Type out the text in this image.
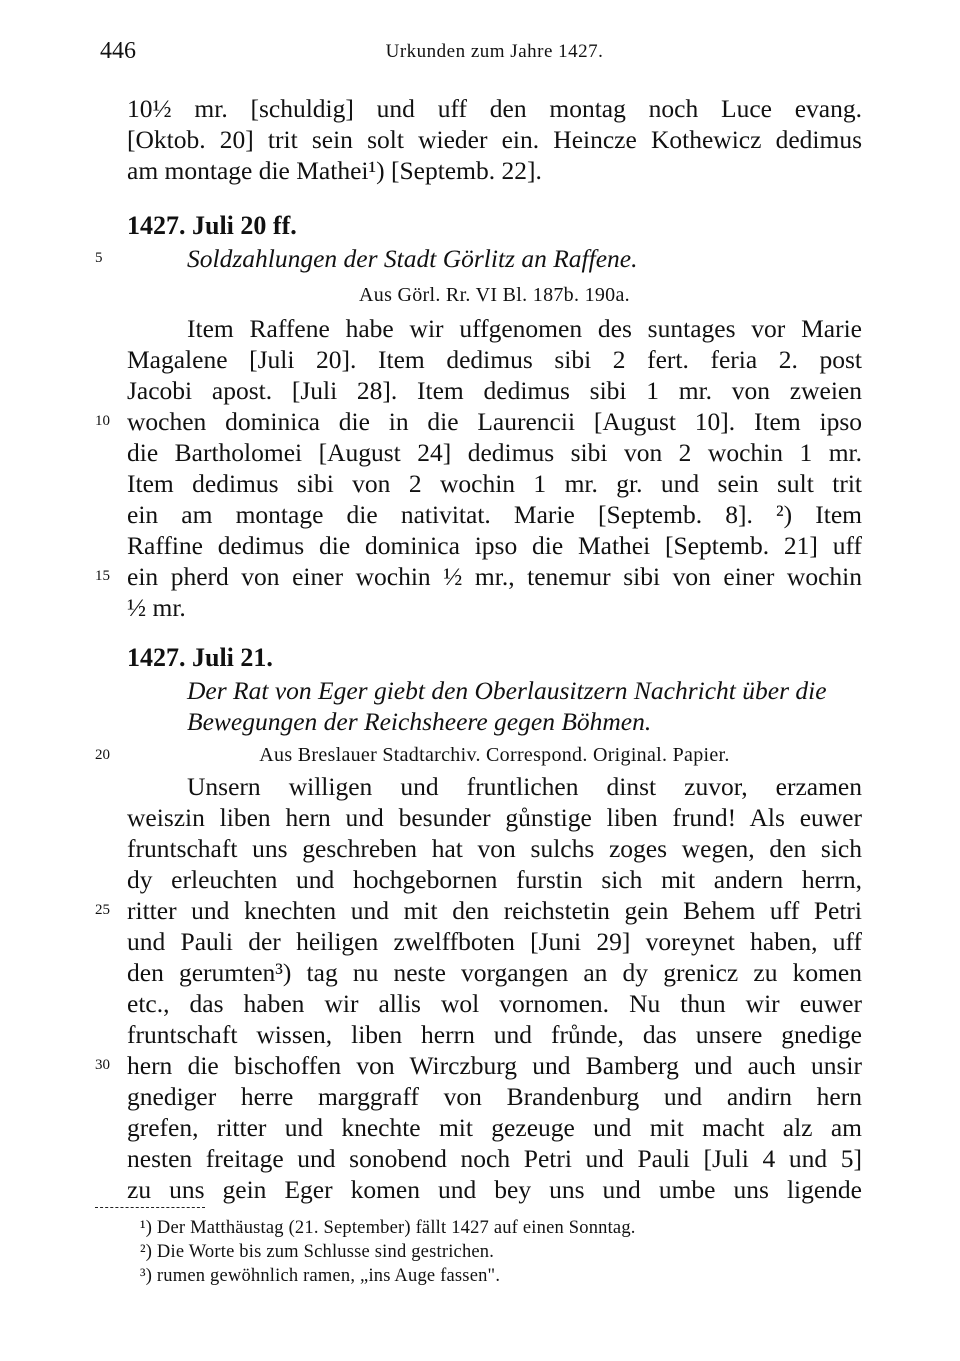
446	Urkunden zum Jahre 1427.
10½ mr. [schuldig] und uff den montag noch Luce evang.
[Oktob. 20] trit sein solt wieder ein. Heincze Kothewicz dedimus
am montage die Mathei¹) [Septemb. 22].
1427. Juli 20 ff.
5	Soldzahlungen der Stadt Görlitz an Raffene.
Aus Görl. Rr. VI Bl. 187b. 190a.
Item Raffene habe wir uffgenomen des suntages vor Marie
Magalene [Juli 20]. Item dedimus sibi 2 fert. feria 2. post
Jacobi apost. [Juli 28]. Item dedimus sibi 1 mr. von zweien
10 wochen dominica die in die Laurencii [August 10]. Item ipso
die Bartholomei [August 24] dedimus sibi von 2 wochin 1 mr.
Item dedimus sibi von 2 wochin 1 mr. gr. und sein sult trit
ein am montage die nativitat. Marie [Septemb. 8]. ²) Item
Raffine dedimus die dominica ipso die Mathei [Septemb. 21] uff
15 ein pherd von einer wochin ½ mr., tenemur sibi von einer wochin
½ mr.
1427. Juli 21.
Der Rat von Eger giebt den Oberlausitzern Nachricht über die
Bewegungen der Reichsheere gegen Böhmen.
20	Aus Breslauer Stadtarchiv. Correspond. Original. Papier.
Unsern willigen und fruntlichen dinst zuvor, erzamen
weiszin liben hern und besunder gůnstige liben frund! Als euwer
fruntschaft uns geschreben hat von sulchs zoges wegen, den sich
dy erleuchten und hochgebornen furstin sich mit andern herrn,
25 ritter und knechten und mit den reichstetin gein Behem uff Petri
und Pauli der heiligen zwelffboten [Juni 29] voreynet haben, uff
den gerumten³) tag nu neste vorgangen an dy grenicz zu komen
etc., das haben wir allis wol vornomen. Nu thun wir euwer
fruntschaft wissen, liben herrn und frůnde, das unsere gnedige
30 hern die bischoffen von Wirczburg und Bamberg und auch unsir
gnediger herre marggraff von Brandenburg und andirn hern
grefen, ritter und knechte mit gezeuge und mit macht alz am
nesten freitage und sonobend noch Petri und Pauli [Juli 4 und 5]
zu uns gein Eger komen und bey uns und umbe uns ligende
¹) Der Matthäustag (21. September) fällt 1427 auf einen Sonntag.
²) Die Worte bis zum Schlusse sind gestrichen.
³) rumen gewöhnlich ramen, „ins Auge fassen".
